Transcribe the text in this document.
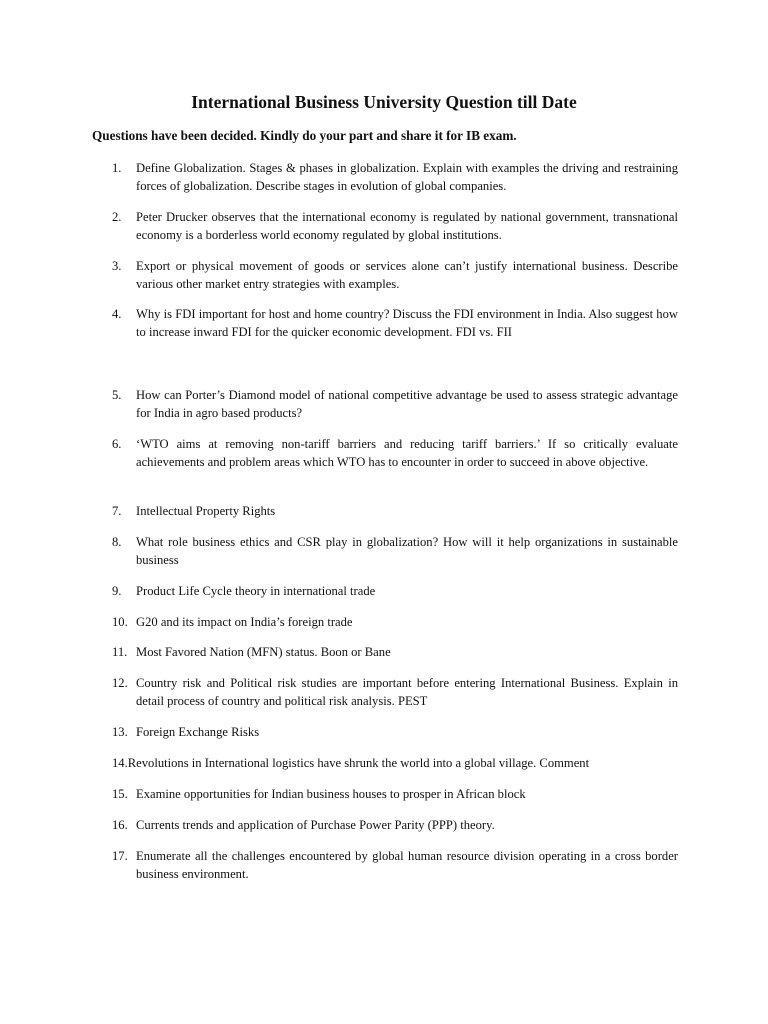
International Business University Question till Date
Questions have been decided. Kindly do your part and share it for IB exam.
1. Define Globalization. Stages & phases in globalization. Explain with examples the driving and restraining forces of globalization. Describe stages in evolution of global companies.
2. Peter Drucker observes that the international economy is regulated by national government, transnational economy is a borderless world economy regulated by global institutions.
3. Export or physical movement of goods or services alone can’t justify international business. Describe various other market entry strategies with examples.
4. Why is FDI important for host and home country? Discuss the FDI environment in India. Also suggest how to increase inward FDI for the quicker economic development. FDI vs. FII
5. How can Porter’s Diamond model of national competitive advantage be used to assess strategic advantage for India in agro based products?
6. ‘WTO aims at removing non-tariff barriers and reducing tariff barriers.’ If so critically evaluate achievements and problem areas which WTO has to encounter in order to succeed in above objective.
7. Intellectual Property Rights
8. What role business ethics and CSR play in globalization? How will it help organizations in sustainable business
9. Product Life Cycle theory in international trade
10. G20 and its impact on India’s foreign trade
11. Most Favored Nation (MFN) status. Boon or Bane
12. Country risk and Political risk studies are important before entering International Business. Explain in detail process of country and political risk analysis. PEST
13. Foreign Exchange Risks
14.Revolutions in International logistics have shrunk the world into a global village. Comment
15. Examine opportunities for Indian business houses to prosper in African block
16. Currents trends and application of Purchase Power Parity (PPP) theory.
17. Enumerate all the challenges encountered by global human resource division operating in a cross border business environment.
